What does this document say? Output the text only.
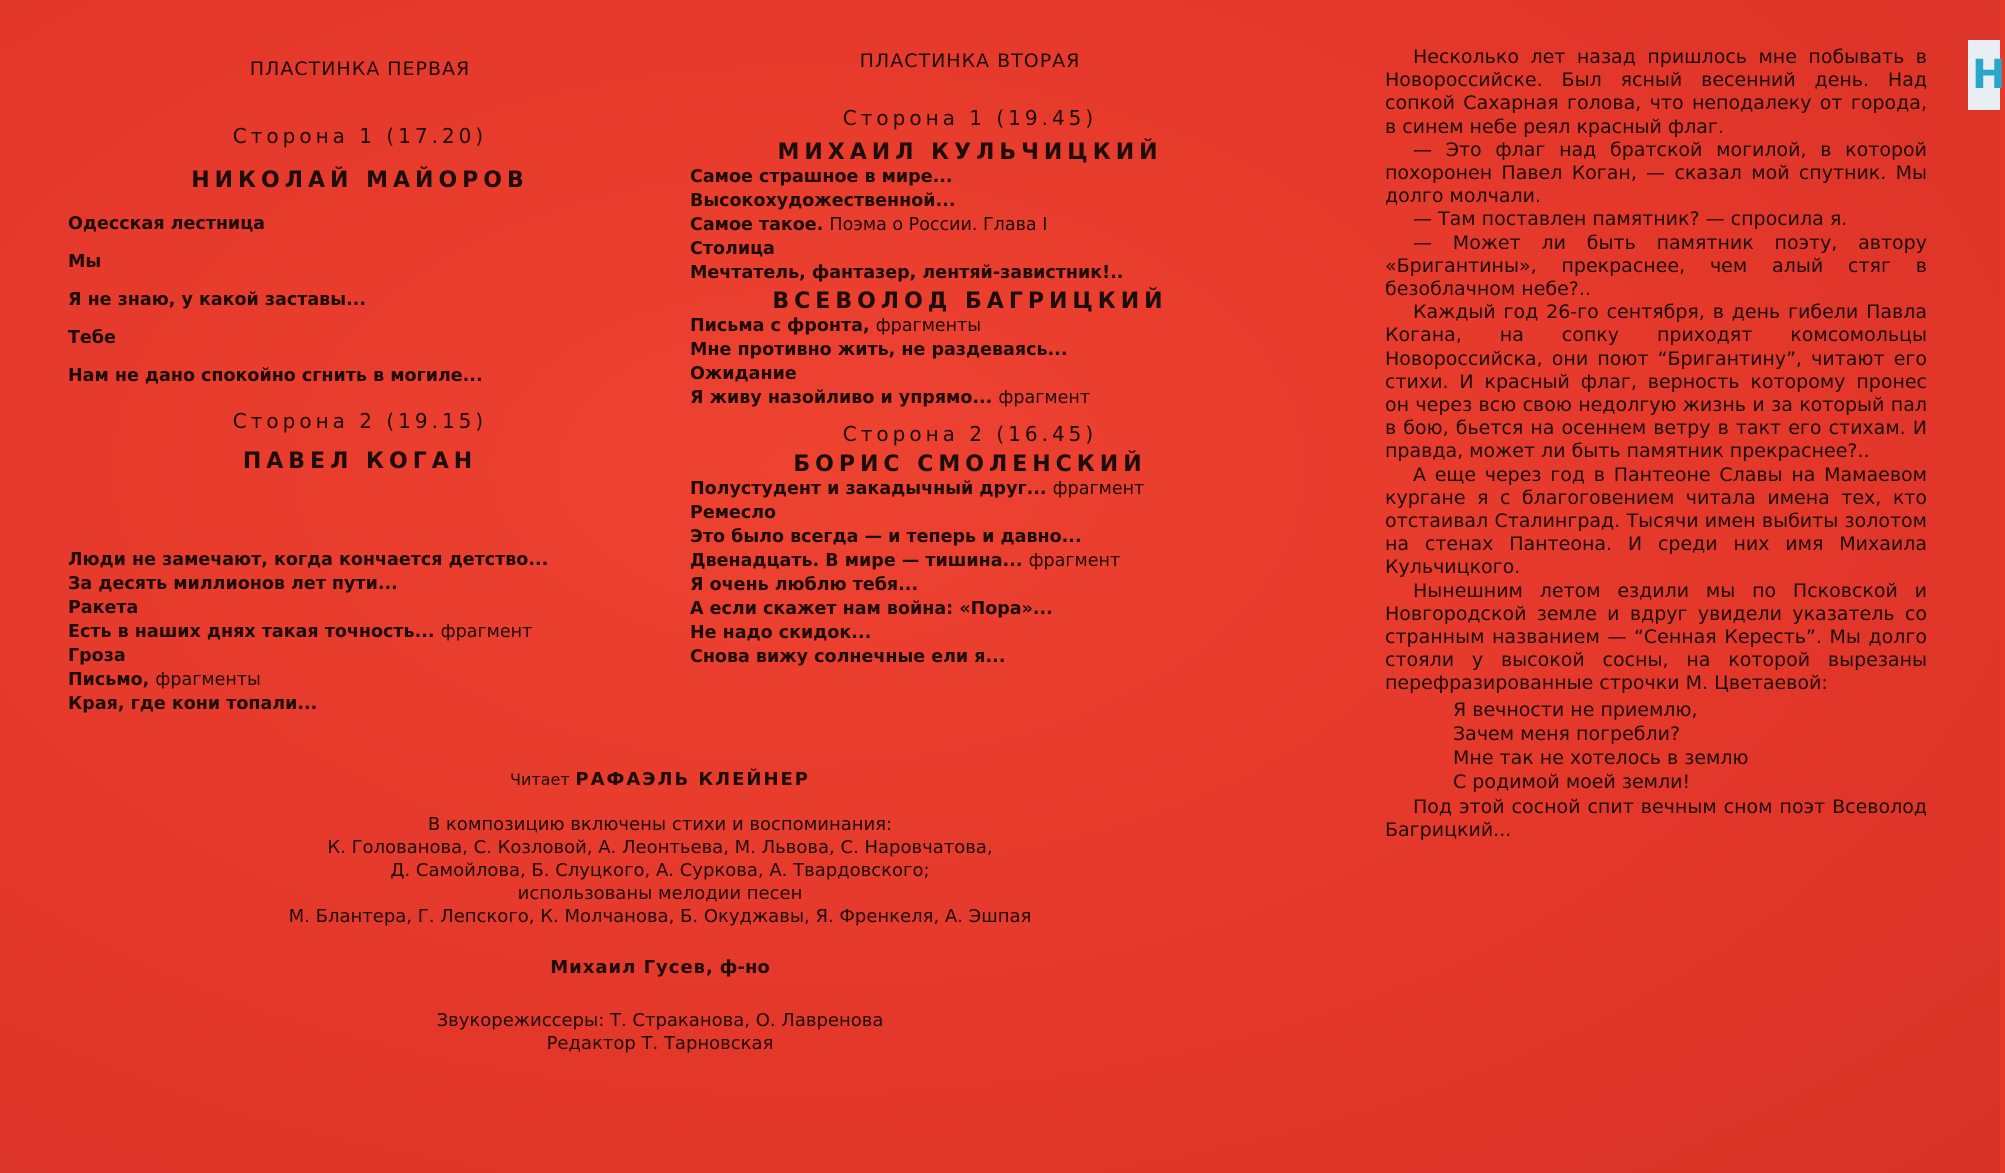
ПЛАСТИНКА ПЕРВАЯ
Сторона 1 (17.20)
НИКОЛАЙ МАЙОРОВ
Одесская лестница
Мы
Я не знаю, у какой заставы...
Тебе
Нам не дано спокойно сгнить в могиле...
Сторона 2 (19.15)
ПАВЕЛ КОГАН
Люди не замечают, когда кончается детство...
За десять миллионов лет пути...
Ракета
Есть в наших днях такая точность... фрагмент
Гроза
Письмо, фрагменты
Края, где кони топали...
ПЛАСТИНКА ВТОРАЯ
Сторона 1 (19.45)
МИХАИЛ КУЛЬЧИЦКИЙ
Самое страшное в мире...
Высокохудожественной...
Самое такое. Поэма о России. Глава I
Столица
Мечтатель, фантазер, лентяй-завистник!..
ВСЕВОЛОД БАГРИЦКИЙ
Письма с фронта, фрагменты
Мне противно жить, не раздеваясь...
Ожидание
Я живу назойливо и упрямо... фрагмент
Сторона 2 (16.45)
БОРИС СМОЛЕНСКИЙ
Полустудент и закадычный друг... фрагмент
Ремесло
Это было всегда — и теперь и давно...
Двенадцать. В мире — тишина... фрагмент
Я очень люблю тебя...
А если скажет нам война: «Пора»...
Не надо скидок...
Снова вижу солнечные ели я...
Читает РАФАЭЛЬ КЛЕЙНЕР
В композицию включены стихи и воспоминания:
К. Голованова, С. Козловой, А. Леонтьева, М. Львова, С. Наровчатова,
Д. Самойлова, Б. Слуцкого, А. Суркова, А. Твардовского;
использованы мелодии песен
М. Блантера, Г. Лепского, К. Молчанова, Б. Окуджавы, Я. Френкеля, А. Эшпая
Михаил Гусев, ф-но
Звукорежиссеры: Т. Стракaнова, О. Лавренова
Редактор Т. Тарновская

Несколько лет назад пришлось мне побывать в Новороссийске. Был ясный весенний день. Над сопкой Сахарная голова, что неподалеку от города, в синем небе реял красный флаг.

— Это флаг над братской могилой, в которой похоронен Павел Коган, — сказал мой спутник. Мы долго молчали.

— Там поставлен памятник? — спросила я.

— Может ли быть памятник поэту, автору «Бригантины», прекраснее, чем алый стяг в безоблачном небе?..

Каждый год 26-го сентября, в день гибели Павла Когана, на сопку приходят комсомольцы Новороссийска, они поют “Бригантину”, читают его стихи. И красный флаг, верность которому пронес он через всю свою недолгую жизнь и за который пал в бою, бьется на осеннем ветру в такт его стихам. И правда, может ли быть памятник прекраснее?..

А еще через год в Пантеоне Славы на Мамаевом кургане я с благоговением читала имена тех, кто отстаивал Сталинград. Тысячи имен выбиты золотом на стенах Пантеона. И среди них имя Михаила Кульчицкого.

Нынешним летом ездили мы по Псковской и Новгородской земле и вдруг увидели указатель со странным названием — “Сенная Кересть”. Мы долго стояли у высокой сосны, на которой вырезаны перефразированные строчки М. Цветаевой:

Я вечности не приемлю,
Зачем меня погребли?
Мне так не хотелось в землю
С родимой моей земли!

Под этой сосной спит вечным сном поэт Всеволод Багрицкий...

Н
